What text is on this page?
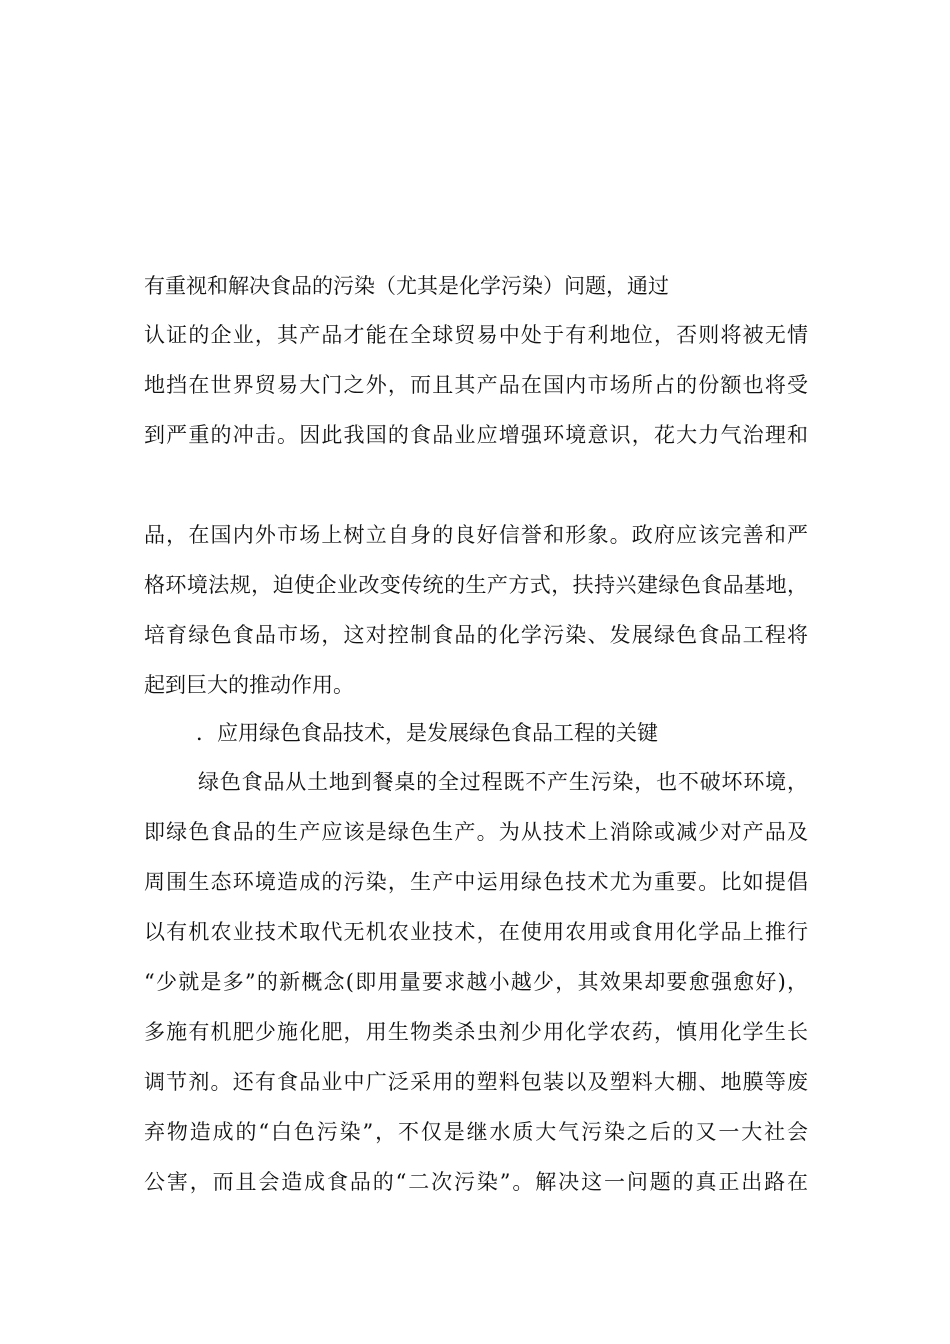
有重视和解决食品的污染（尤其是化学污染）问题，通过
认证的企业，其产品才能在全球贸易中处于有利地位，否则将被无情
地挡在世界贸易大门之外，而且其产品在国内市场所占的份额也将受
到严重的冲击。因此我国的食品业应增强环境意识，花大力气治理和
品，在国内外市场上树立自身的良好信誉和形象。政府应该完善和严
格环境法规，迫使企业改变传统的生产方式，扶持兴建绿色食品基地，
培育绿色食品市场，这对控制食品的化学污染、发展绿色食品工程将
起到巨大的推动作用。
．应用绿色食品技术，是发展绿色食品工程的关键
绿色食品从土地到餐桌的全过程既不产生污染，也不破坏环境，
即绿色食品的生产应该是绿色生产。为从技术上消除或减少对产品及
周围生态环境造成的污染，生产中运用绿色技术尤为重要。比如提倡
以有机农业技术取代无机农业技术，在使用农用或食用化学品上推行
“少就是多”的新概念(即用量要求越小越少，其效果却要愈强愈好)，
多施有机肥少施化肥，用生物类杀虫剂少用化学农药，慎用化学生长
调节剂。还有食品业中广泛采用的塑料包装以及塑料大棚、地膜等废
弃物造成的“白色污染”，不仅是继水质大气污染之后的又一大社会
公害，而且会造成食品的“二次污染”。解决这一问题的真正出路在
